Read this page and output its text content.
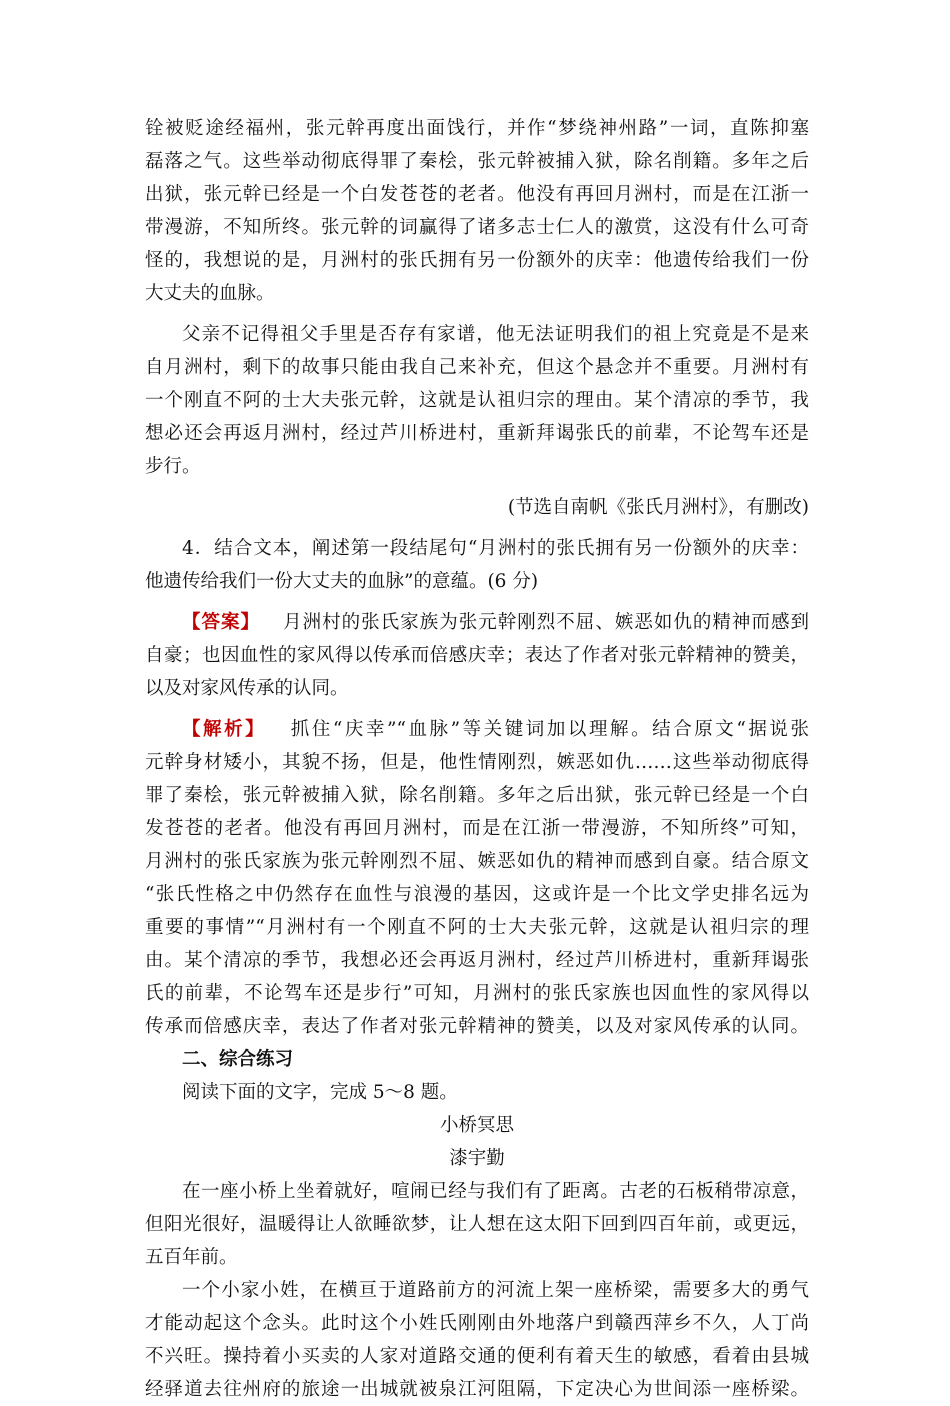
铨被贬途经福州，张元幹再度出面饯行，并作“梦绕神州路”一词，直陈抑塞
磊落之气。这些举动彻底得罪了秦桧，张元幹被捕入狱，除名削籍。多年之后
出狱，张元幹已经是一个白发苍苍的老者。他没有再回月洲村，而是在江浙一
带漫游，不知所终。张元幹的词赢得了诸多志士仁人的激赏，这没有什么可奇
怪的，我想说的是，月洲村的张氏拥有另一份额外的庆幸：他遗传给我们一份
大丈夫的血脉。
父亲不记得祖父手里是否存有家谱，他无法证明我们的祖上究竟是不是来
自月洲村，剩下的故事只能由我自己来补充，但这个悬念并不重要。月洲村有
一个刚直不阿的士大夫张元幹，这就是认祖归宗的理由。某个清凉的季节，我
想必还会再返月洲村，经过芦川桥进村，重新拜谒张氏的前辈，不论驾车还是
步行。
(节选自南帆《张氏月洲村》，有删改)
4．结合文本，阐述第一段结尾句“月洲村的张氏拥有另一份额外的庆幸：
他遗传给我们一份大丈夫的血脉”的意蕴。(6 分)
【答案】 月洲村的张氏家族为张元幹刚烈不屈、嫉恶如仇的精神而感到
自豪；也因血性的家风得以传承而倍感庆幸；表达了作者对张元幹精神的赞美，
以及对家风传承的认同。
【解析】 抓住“庆幸”“血脉”等关键词加以理解。结合原文“据说张
元幹身材矮小，其貌不扬，但是，他性情刚烈，嫉恶如仇……这些举动彻底得
罪了秦桧，张元幹被捕入狱，除名削籍。多年之后出狱，张元幹已经是一个白
发苍苍的老者。他没有再回月洲村，而是在江浙一带漫游，不知所终”可知，
月洲村的张氏家族为张元幹刚烈不屈、嫉恶如仇的精神而感到自豪。结合原文
“张氏性格之中仍然存在血性与浪漫的基因，这或许是一个比文学史排名远为
重要的事情”“月洲村有一个刚直不阿的士大夫张元幹，这就是认祖归宗的理
由。某个清凉的季节，我想必还会再返月洲村，经过芦川桥进村，重新拜谒张
氏的前辈，不论驾车还是步行”可知，月洲村的张氏家族也因血性的家风得以
传承而倍感庆幸，表达了作者对张元幹精神的赞美，以及对家风传承的认同。
二、综合练习
阅读下面的文字，完成 5～8 题。
小桥冥思
漆宇勤
在一座小桥上坐着就好，喧闹已经与我们有了距离。古老的石板稍带凉意，
但阳光很好，温暖得让人欲睡欲梦，让人想在这太阳下回到四百年前，或更远，
五百年前。
一个小家小姓，在横亘于道路前方的河流上架一座桥梁，需要多大的勇气
才能动起这个念头。此时这个小姓氏刚刚由外地落户到赣西萍乡不久，人丁尚
不兴旺。操持着小买卖的人家对道路交通的便利有着天生的敏感，看着由县城
经驿道去往州府的旅途一出城就被泉江河阻隔，下定决心为世间添一座桥梁。
